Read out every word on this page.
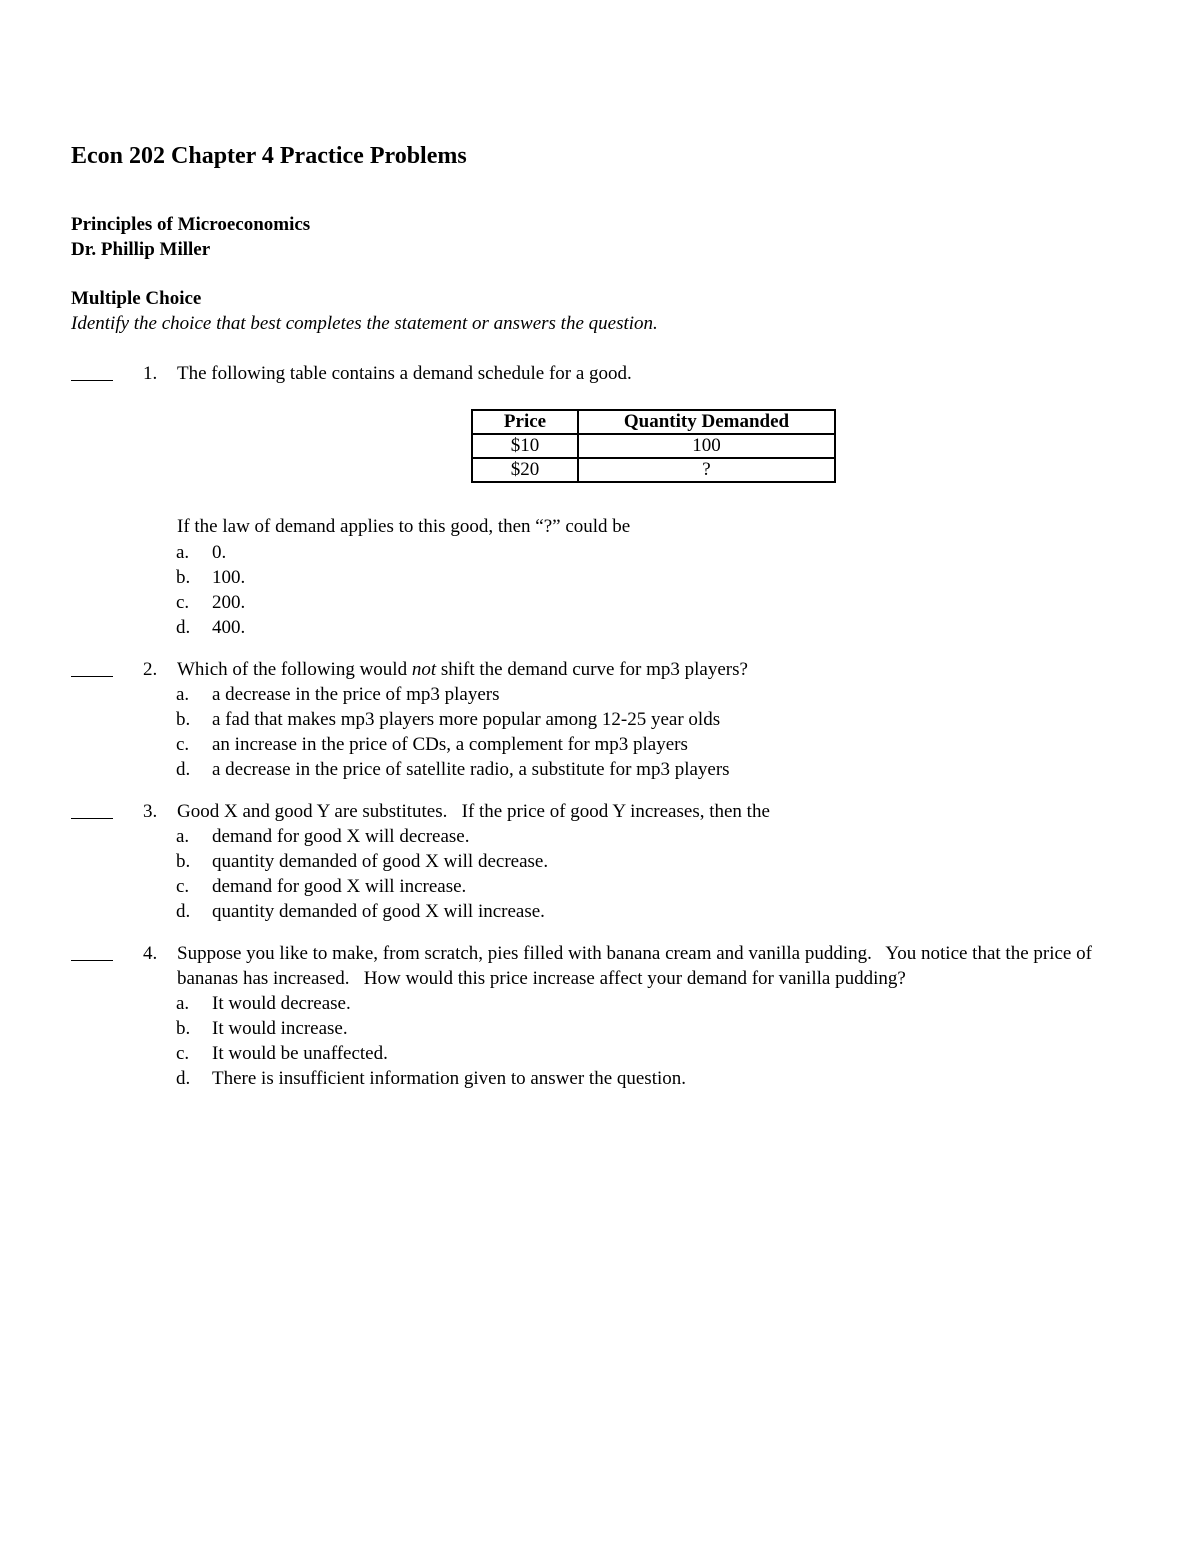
Econ 202 Chapter 4 Practice Problems
Principles of Microeconomics
Dr. Phillip Miller
Multiple Choice
Identify the choice that best completes the statement or answers the question.
1. The following table contains a demand schedule for a good.
Price	Quantity Demanded
$10	100
$20	?
If the law of demand applies to this good, then “?” could be
a. 0.
b. 100.
c. 200.
d. 400.
2. Which of the following would not shift the demand curve for mp3 players?
a. a decrease in the price of mp3 players
b. a fad that makes mp3 players more popular among 12-25 year olds
c. an increase in the price of CDs, a complement for mp3 players
d. a decrease in the price of satellite radio, a substitute for mp3 players
3. Good X and good Y are substitutes.   If the price of good Y increases, then the
a. demand for good X will decrease.
b. quantity demanded of good X will decrease.
c. demand for good X will increase.
d. quantity demanded of good X will increase.
4. Suppose you like to make, from scratch, pies filled with banana cream and vanilla pudding.   You notice that the price of bananas has increased.   How would this price increase affect your demand for vanilla pudding?
a. It would decrease.
b. It would increase.
c. It would be unaffected.
d. There is insufficient information given to answer the question.
